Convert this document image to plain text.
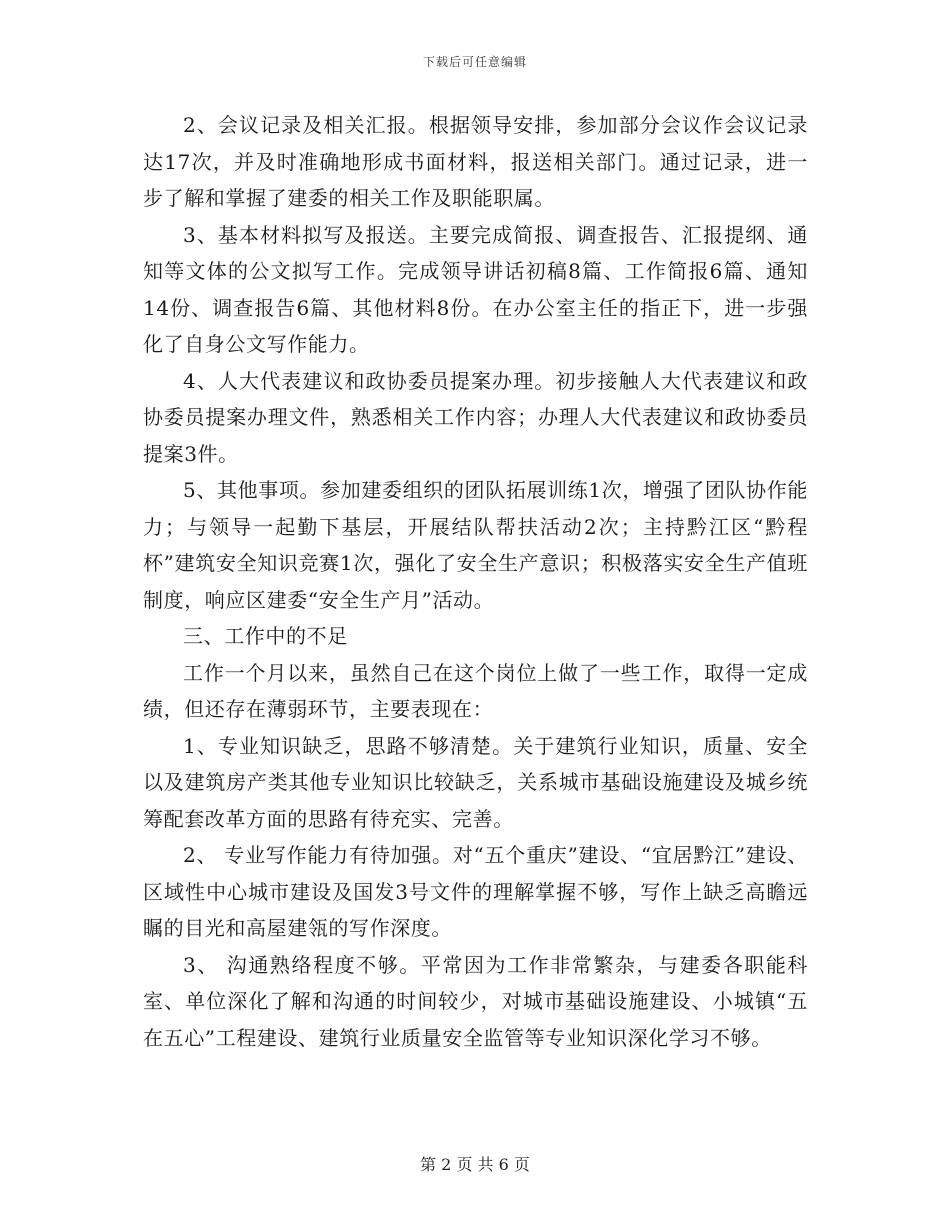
下载后可任意编辑

2、会议记录及相关汇报。根据领导安排，参加部分会议作会议记录达17次，并及时准确地形成书面材料，报送相关部门。通过记录，进一步了解和掌握了建委的相关工作及职能职属。

3、基本材料拟写及报送。主要完成简报、调查报告、汇报提纲、通知等文体的公文拟写工作。完成领导讲话初稿8篇、工作简报6篇、通知14份、调查报告6篇、其他材料8份。在办公室主任的指正下，进一步强化了自身公文写作能力。

4、人大代表建议和政协委员提案办理。初步接触人大代表建议和政协委员提案办理文件，熟悉相关工作内容；办理人大代表建议和政协委员提案3件。

5、其他事项。参加建委组织的团队拓展训练1次，增强了团队协作能力；与领导一起勤下基层，开展结队帮扶活动2次；主持黔江区“黔程杯”建筑安全知识竞赛1次，强化了安全生产意识；积极落实安全生产值班制度，响应区建委“安全生产月”活动。

三、工作中的不足

工作一个月以来，虽然自己在这个岗位上做了一些工作，取得一定成绩，但还存在薄弱环节，主要表现在：

1、专业知识缺乏，思路不够清楚。关于建筑行业知识，质量、安全以及建筑房产类其他专业知识比较缺乏，关系城市基础设施建设及城乡统筹配套改革方面的思路有待充实、完善。

2、 专业写作能力有待加强。对“五个重庆”建设、“宜居黔江”建设、区域性中心城市建设及国发3号文件的理解掌握不够，写作上缺乏高瞻远瞩的目光和高屋建瓴的写作深度。

3、 沟通熟络程度不够。平常因为工作非常繁杂，与建委各职能科室、单位深化了解和沟通的时间较少，对城市基础设施建设、小城镇“五在五心”工程建设、建筑行业质量安全监管等专业知识深化学习不够。

第 2 页 共 6 页
